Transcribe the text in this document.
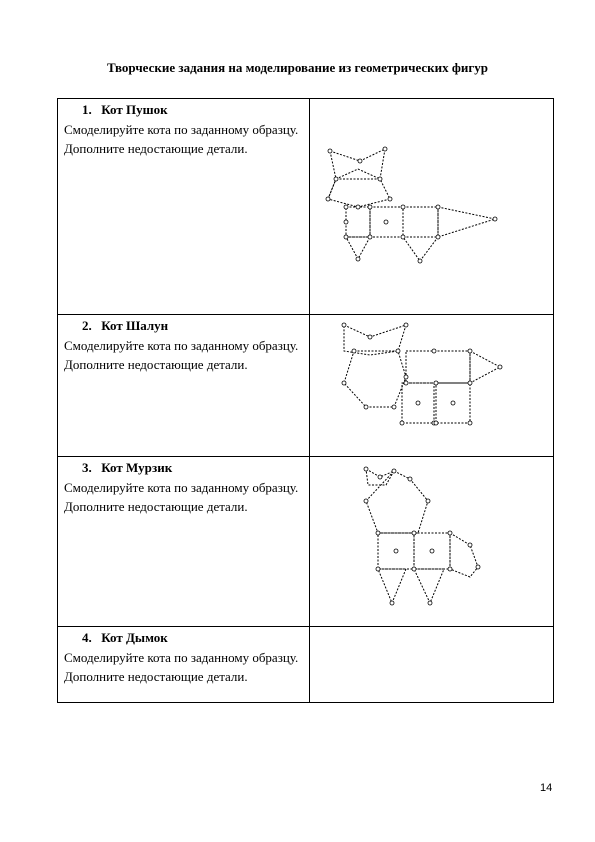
Творческие задания на моделирование из геометрических фигур
1. Кот Пушок
Смоделируйте кота по заданному образцу. Дополните недостающие детали.

2. Кот Шалун
Смоделируйте кота по заданному образцу. Дополните недостающие детали.

3. Кот Мурзик
Смоделируйте кота по заданному образцу. Дополните недостающие детали.

4. Кот Дымок
Смоделируйте кота по заданному образцу. Дополните недостающие детали.	

14
